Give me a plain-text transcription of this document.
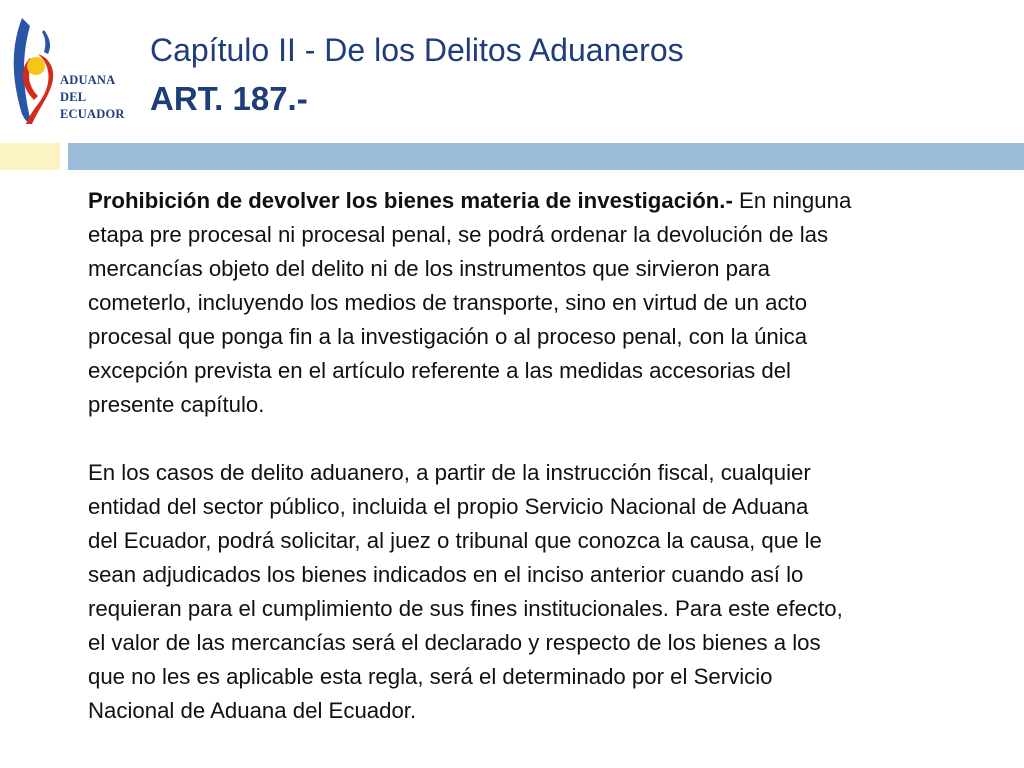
ADUANA
DEL
ECUADOR
Capítulo II - De los Delitos Aduaneros
ART. 187.-

Prohibición de devolver los bienes materia de investigación.- En ninguna
etapa pre procesal ni procesal penal, se podrá ordenar la devolución de las
mercancías objeto del delito ni de los instrumentos que sirvieron para
cometerlo, incluyendo los medios de transporte, sino en virtud de un acto
procesal que ponga fin a la investigación o al proceso penal, con la única
excepción prevista en el artículo referente a las medidas accesorias del
presente capítulo.

En los casos de delito aduanero, a partir de la instrucción fiscal, cualquier
entidad del sector público, incluida el propio Servicio Nacional de Aduana
del Ecuador, podrá solicitar, al juez o tribunal que conozca la causa, que le
sean adjudicados los bienes indicados en el inciso anterior cuando así lo
requieran para el cumplimiento de sus fines institucionales. Para este efecto,
el valor de las mercancías será el declarado y respecto de los bienes a los
que no les es aplicable esta regla, será el determinado por el Servicio
Nacional de Aduana del Ecuador.
